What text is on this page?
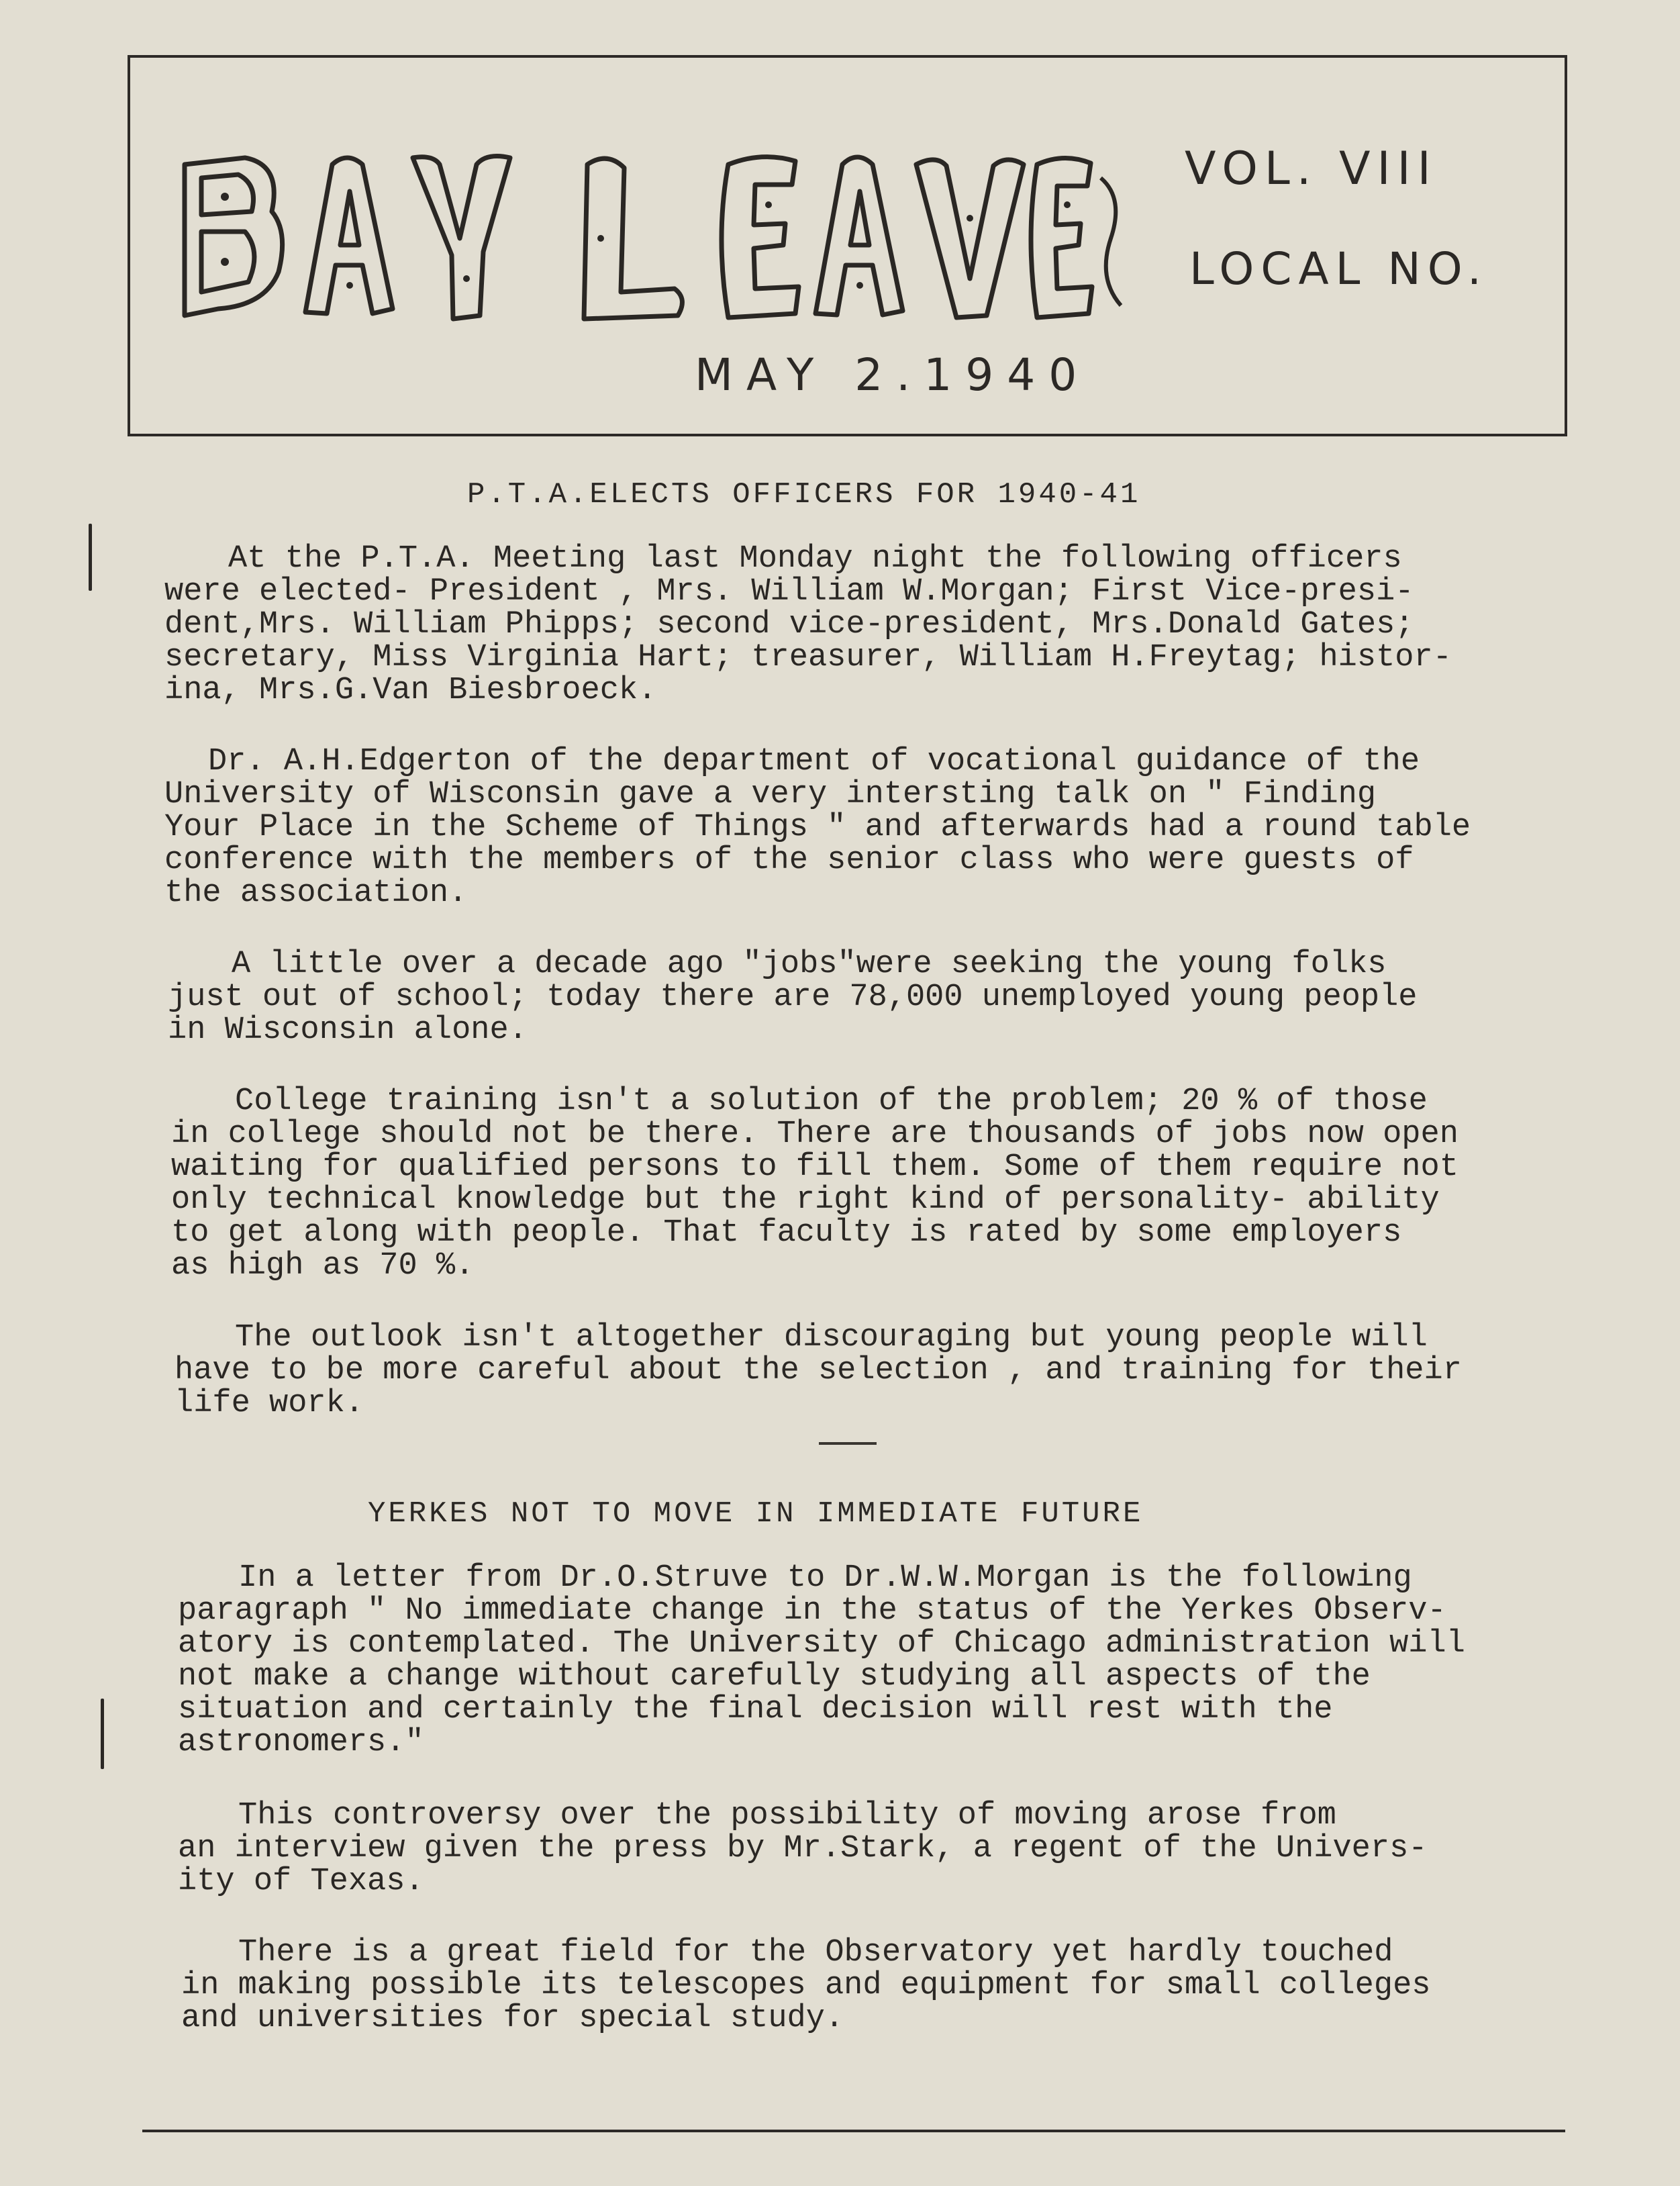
VOL. VIII
LOCAL NO.
MAY 2.1940
P.T.A.ELECTS OFFICERS FOR 1940-41

At the P.T.A. Meeting last Monday night the following officers
were elected- President , Mrs. William W.Morgan; First Vice-presi-
dent,Mrs. William Phipps; second vice-president, Mrs.Donald Gates;
secretary, Miss Virginia Hart; treasurer, William H.Freytag; histor-
ina, Mrs.G.Van Biesbroeck.

Dr. A.H.Edgerton of the department of vocational guidance of the
University of Wisconsin gave a very intersting talk on " Finding
Your Place in the Scheme of Things " and afterwards had a round table
conference with the members of the senior class who were guests of
the association.

A little over a decade ago "jobs"were seeking the young folks
just out of school; today there are 78,000 unemployed young people
in Wisconsin alone.

College training isn't a solution of the problem; 20 % of those
in college should not be there. There are thousands of jobs now open
waiting for qualified persons to fill them. Some of them require not
only technical knowledge but the right kind of personality- ability
to get along with people. That faculty is rated by some employers
as high as 70 %.

The outlook isn't altogether discouraging but young people will
have to be more careful about the selection , and training for their
life work.

YERKES NOT TO MOVE IN IMMEDIATE FUTURE

In a letter from Dr.O.Struve to Dr.W.W.Morgan is the following
paragraph " No immediate change in the status of the Yerkes Observ-
atory is contemplated. The University of Chicago administration will
not make a change without carefully studying all aspects of the
situation and certainly the final decision will rest with the
astronomers."

This controversy over the possibility of moving arose from
an interview given the press by Mr.Stark, a regent of the Univers-
ity of Texas.

There is a great field for the Observatory yet hardly touched
in making possible its telescopes and equipment for small colleges
and universities for special study.
